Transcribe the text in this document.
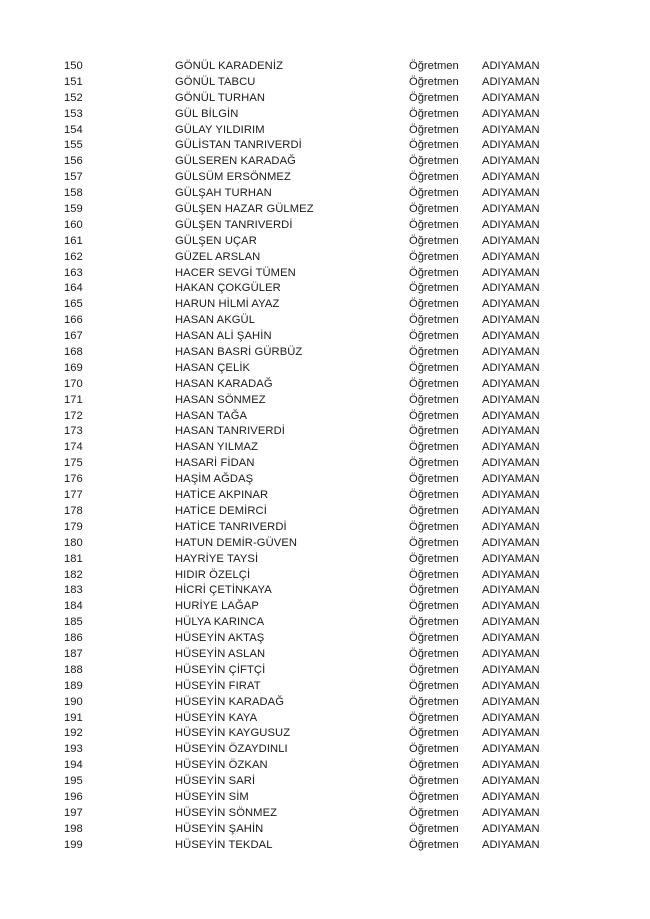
150	GÖNÜL KARADENİZ	Öğretmen ADIYAMAN
151	GÖNÜL TABCU	Öğretmen ADIYAMAN
152	GÖNÜL TURHAN	Öğretmen ADIYAMAN
153	GÜL BİLGİN	Öğretmen ADIYAMAN
154	GÜLAY YILDIRIM	Öğretmen ADIYAMAN
155	GÜLİSTAN TANRIVERDİ	Öğretmen ADIYAMAN
156	GÜLSEREN KARADAĞ	Öğretmen ADIYAMAN
157	GÜLSÜM ERSÖNMEZ	Öğretmen ADIYAMAN
158	GÜLŞAH TURHAN	Öğretmen ADIYAMAN
159	GÜLŞEN HAZAR GÜLMEZ	Öğretmen ADIYAMAN
160	GÜLŞEN TANRIVERDİ	Öğretmen ADIYAMAN
161	GÜLŞEN UÇAR	Öğretmen ADIYAMAN
162	GÜZEL ARSLAN	Öğretmen ADIYAMAN
163	HACER SEVGİ TÜMEN	Öğretmen ADIYAMAN
164	HAKAN ÇOKGÜLER	Öğretmen ADIYAMAN
165	HARUN HİLMİ AYAZ	Öğretmen ADIYAMAN
166	HASAN AKGÜL	Öğretmen ADIYAMAN
167	HASAN ALİ ŞAHİN	Öğretmen ADIYAMAN
168	HASAN BASRİ GÜRBÜZ	Öğretmen ADIYAMAN
169	HASAN ÇELİK	Öğretmen ADIYAMAN
170	HASAN KARADAĞ	Öğretmen ADIYAMAN
171	HASAN SÖNMEZ	Öğretmen ADIYAMAN
172	HASAN TAĞA	Öğretmen ADIYAMAN
173	HASAN TANRIVERDİ	Öğretmen ADIYAMAN
174	HASAN YILMAZ	Öğretmen ADIYAMAN
175	HASARİ FİDAN	Öğretmen ADIYAMAN
176	HAŞİM AĞDAŞ	Öğretmen ADIYAMAN
177	HATİCE AKPINAR	Öğretmen ADIYAMAN
178	HATİCE DEMİRCİ	Öğretmen ADIYAMAN
179	HATİCE TANRIVERDİ	Öğretmen ADIYAMAN
180	HATUN DEMİR-GÜVEN	Öğretmen ADIYAMAN
181	HAYRİYE TAYSİ	Öğretmen ADIYAMAN
182	HIDIR ÖZELÇİ	Öğretmen ADIYAMAN
183	HİCRİ ÇETİNKAYA	Öğretmen ADIYAMAN
184	HURİYE LAĞAP	Öğretmen ADIYAMAN
185	HÜLYA KARINCA	Öğretmen ADIYAMAN
186	HÜSEYİN AKTAŞ	Öğretmen ADIYAMAN
187	HÜSEYİN ASLAN	Öğretmen ADIYAMAN
188	HÜSEYİN ÇİFTÇİ	Öğretmen ADIYAMAN
189	HÜSEYİN FIRAT	Öğretmen ADIYAMAN
190	HÜSEYİN KARADAĞ	Öğretmen ADIYAMAN
191	HÜSEYİN KAYA	Öğretmen ADIYAMAN
192	HÜSEYİN KAYGUSUZ	Öğretmen ADIYAMAN
193	HÜSEYİN ÖZAYDINLI	Öğretmen ADIYAMAN
194	HÜSEYİN ÖZKAN	Öğretmen ADIYAMAN
195	HÜSEYİN SARİ	Öğretmen ADIYAMAN
196	HÜSEYİN SİM	Öğretmen ADIYAMAN
197	HÜSEYİN SÖNMEZ	Öğretmen ADIYAMAN
198	HÜSEYİN ŞAHİN	Öğretmen ADIYAMAN
199	HÜSEYİN TEKDAL	Öğretmen ADIYAMAN
